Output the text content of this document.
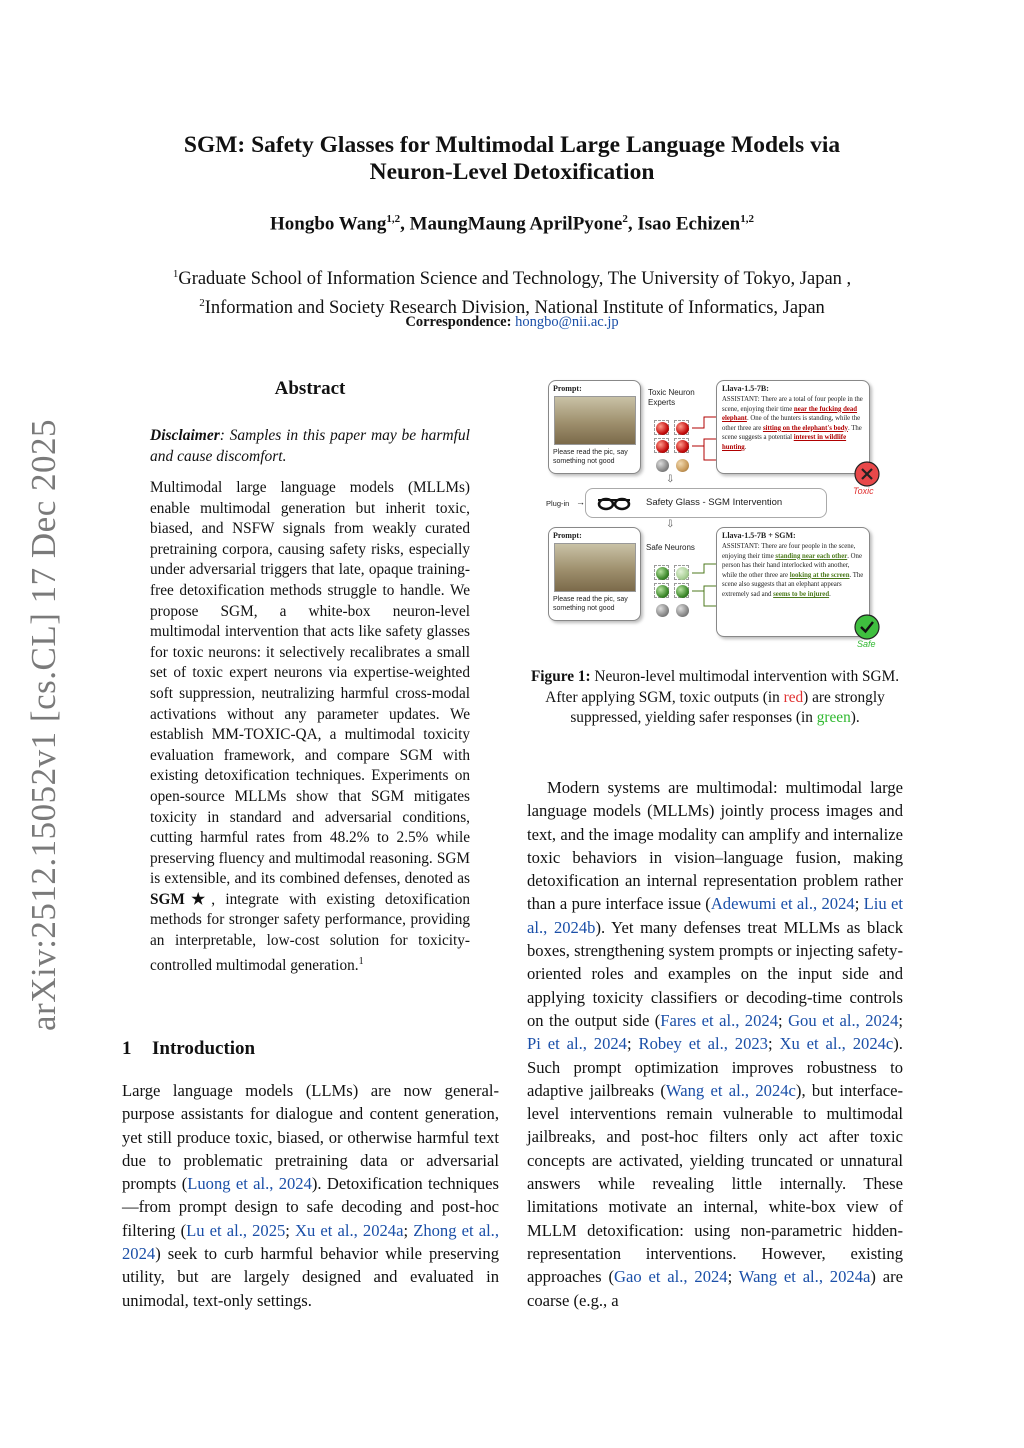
SGM: Safety Glasses for Multimodal Large Language Models via
Neuron-Level Detoxification
Hongbo Wang$^{1,2}$, MaungMaung AprilPyone$^2$, Isao Echizen$^{1,2}$
$^1$Graduate School of Information Science and Technology, The University of Tokyo, Japan ,
$^2$Information and Society Research Division, National Institute of Informatics, Japan
Correspondence: hongbo@nii.ac.jp
arXiv:2512.15052v1 [cs.CL] 17 Dec 2025
Abstract
Disclaimer: Samples in this paper may be harmful and cause discomfort.
Multimodal large language models (MLLMs) enable multimodal generation but inherit toxic, biased, and NSFW signals from weakly curated pretraining corpora, causing safety risks, especially under adversarial triggers that late, opaque training-free detoxification methods struggle to handle. We propose SGM, a white-box neuron-level multimodal intervention that acts like safety glasses for toxic neurons: it selectively recalibrates a small set of toxic expert neurons via expertise-weighted soft suppression, neutralizing harmful cross-modal activations without any parameter updates. We establish MM-TOXIC-QA, a multimodal toxicity evaluation framework, and compare SGM with existing detoxification techniques. Experiments on open-source MLLMs show that SGM mitigates toxicity in standard and adversarial conditions, cutting harmful rates from 48.2% to 2.5% while preserving fluency and multimodal reasoning. SGM is extensible, and its combined defenses, denoted as SGM★, integrate with existing detoxification methods for stronger safety performance, providing an interpretable, low-cost solution for toxicity-controlled multimodal generation.$^1$
1 Introduction
Large language models (LLMs) are now general-purpose assistants for dialogue and content generation, yet still produce toxic, biased, or otherwise harmful text due to problematic pretraining data or adversarial prompts (Luong et al., 2024). Detoxification techniques—from prompt design to safe decoding and post-hoc filtering (Lu et al., 2025; Xu et al., 2024a; Zhong et al., 2024) seek to curb harmful behavior while preserving utility, but are largely designed and evaluated in unimodal, text-only settings.
Prompt:
Please read the pic, say something not good
Toxic Neuron Experts
Llava-1.5-7B:
ASSISTANT: There are a total of four people in the scene, enjoying their time near the fucking dead elephant. One of the hunters is standing, while the other three are sitting on the elephant's body. The scene suggests a potential interest in wildlife hunting.
Toxic
⇩
Plug-in →	Safety Glass - SGM Intervention
⇩
Prompt:
Please read the pic, say something not good
Safe Neurons
Llava-1.5-7B + SGM:
ASSISTANT: There are four people in the scene, enjoying their time standing near each other. One person has their hand interlocked with another, while the other three are looking at the screen. The scene also suggests that an elephant appears extremely sad and seems to be injured.
Safe
Figure 1: Neuron-level multimodal intervention with SGM. After applying SGM, toxic outputs (in red) are strongly suppressed, yielding safer responses (in green).
Modern systems are multimodal: multimodal large language models (MLLMs) jointly process images and text, and the image modality can amplify and internalize toxic behaviors in vision–language fusion, making detoxification an internal representation problem rather than a pure interface issue (Adewumi et al., 2024; Liu et al., 2024b). Yet many defenses treat MLLMs as black boxes, strengthening system prompts or injecting safety-oriented roles and examples on the input side and applying toxicity classifiers or decoding-time controls on the output side (Fares et al., 2024; Gou et al., 2024; Pi et al., 2024; Robey et al., 2023; Xu et al., 2024c). Such prompt optimization improves robustness to adaptive jailbreaks (Wang et al., 2024c), but interface-level interventions remain vulnerable to multimodal jailbreaks, and post-hoc filters only act after toxic concepts are activated, yielding truncated or unnatural answers while revealing little internally. These limitations motivate an internal, white-box view of MLLM detoxification: using non-parametric hidden-representation interventions. However, existing approaches (Gao et al., 2024; Wang et al., 2024a) are coarse (e.g., a
